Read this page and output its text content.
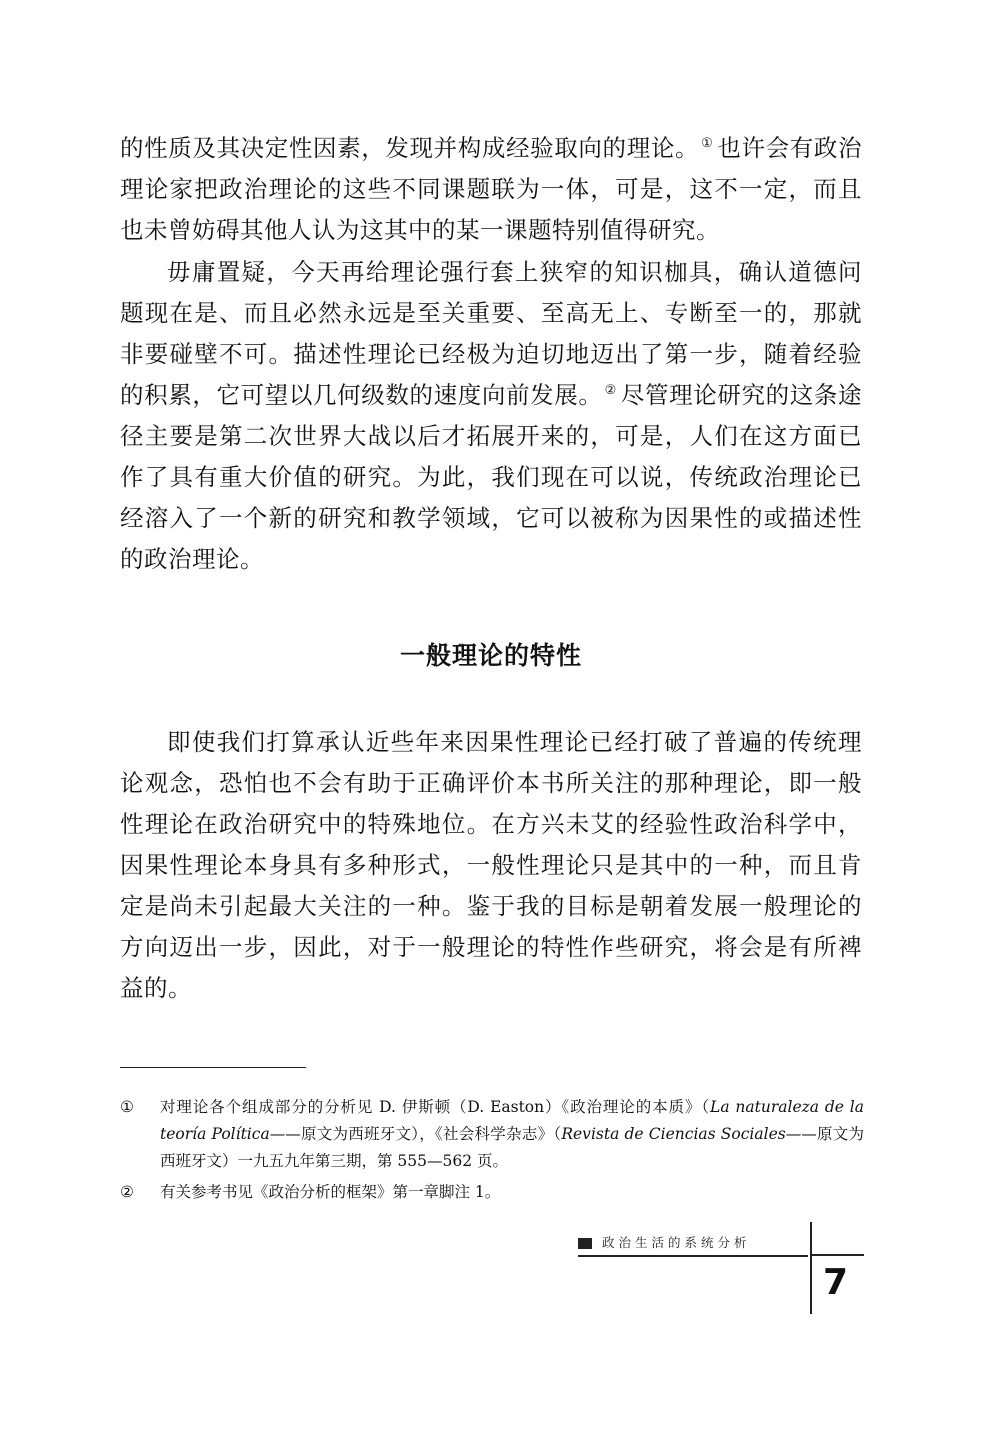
的性质及其决定性因素，发现并构成经验取向的理论。 ① 也许会有政治理论家把政治理论的这些不同课题联为一体，可是，这不一定，而且也未曾妨碍其他人认为这其中的某一课题特别值得研究。

毋庸置疑，今天再给理论强行套上狭窄的知识枷具，确认道德问题现在是、而且必然永远是至关重要、至高无上、专断至一的，那就非要碰壁不可。描述性理论已经极为迫切地迈出了第一步，随着经验的积累，它可望以几何级数的速度向前发展。 ② 尽管理论研究的这条途径主要是第二次世界大战以后才拓展开来的，可是，人们在这方面已作了具有重大价值的研究。为此，我们现在可以说，传统政治理论已经溶入了一个新的研究和教学领域，它可以被称为因果性的或描述性的政治理论。

一般理论的特性

即使我们打算承认近些年来因果性理论已经打破了普遍的传统理论观念，恐怕也不会有助于正确评价本书所关注的那种理论，即一般性理论在政治研究中的特殊地位。在方兴未艾的经验性政治科学中，因果性理论本身具有多种形式，一般性理论只是其中的一种，而且肯定是尚未引起最大关注的一种。鉴于我的目标是朝着发展一般理论的方向迈出一步，因此，对于一般理论的特性作些研究，将会是有所裨益的。

① 对理论各个组成部分的分析见 D. 伊斯顿（D. Easton）《政治理论的本质》（La naturaleza de la teoría Política——原文为西班牙文），《社会科学杂志》（Revista de Ciencias Sociales——原文为西班牙文）一九五九年第三期，第 555—562 页。
② 有关参考书见《政治分析的框架》第一章脚注 1。
政治生活的系统分析
7
